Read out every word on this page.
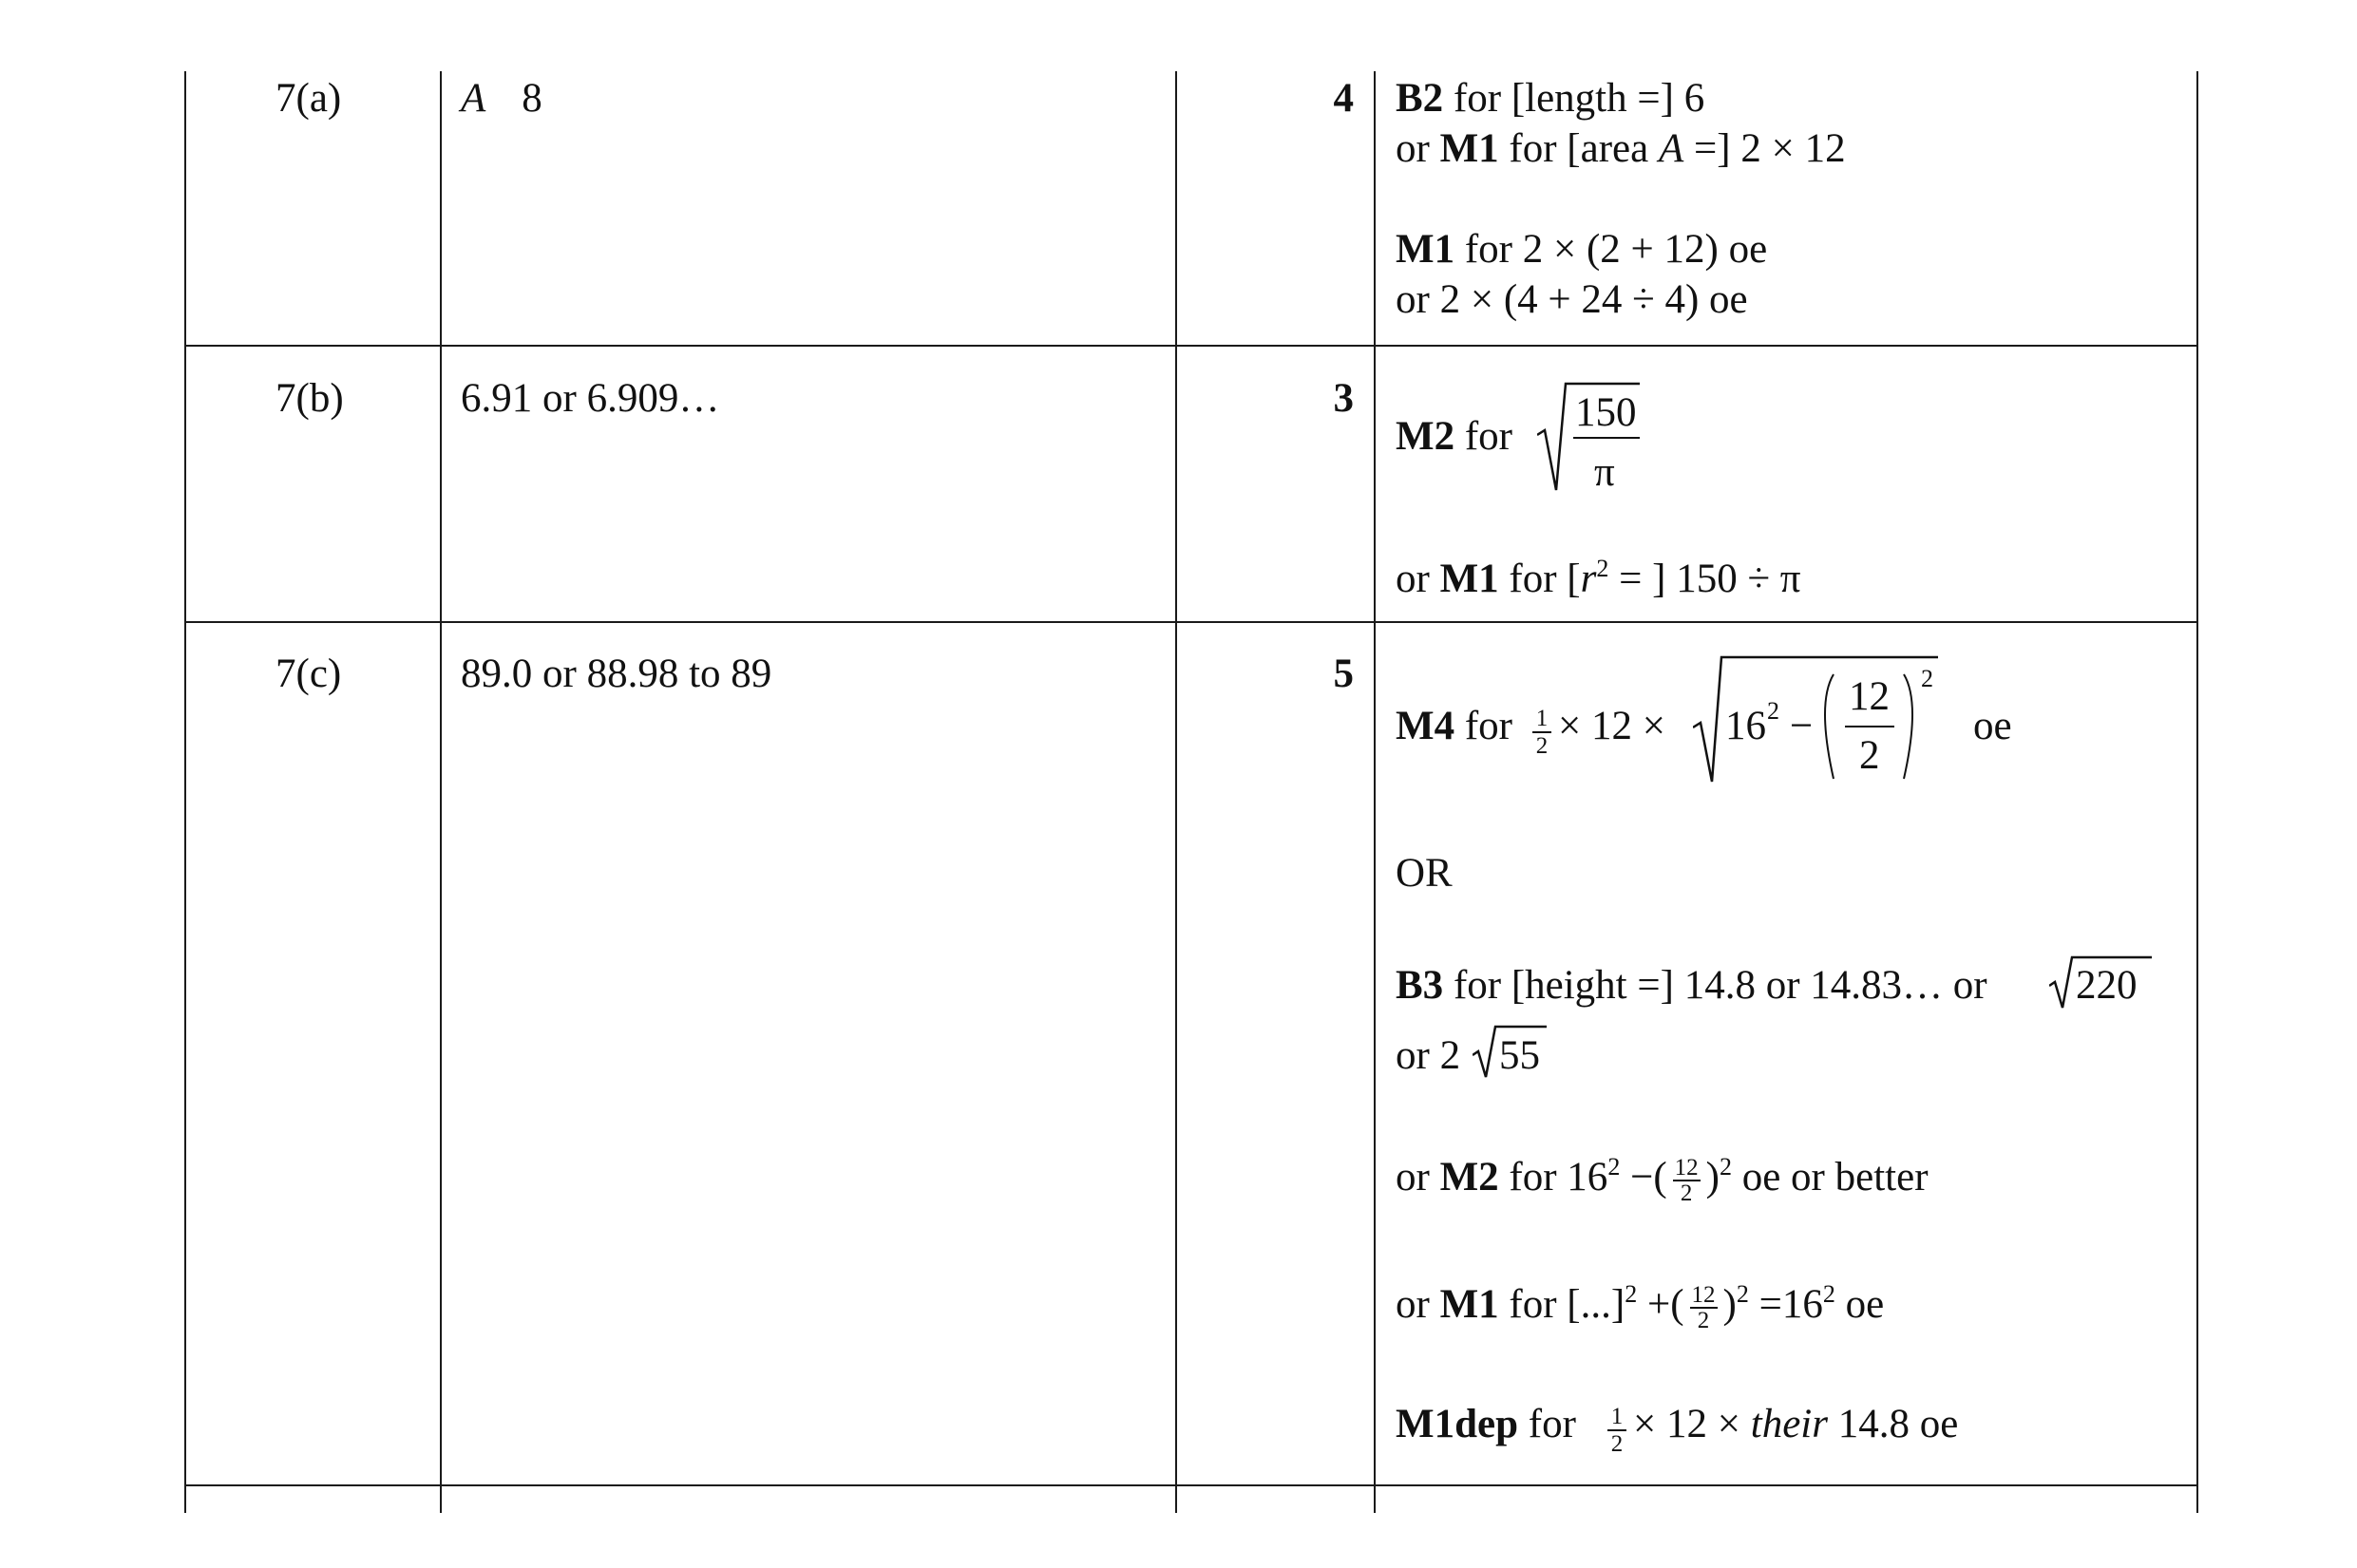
7(a)	A 8	4 B2 for [length =] 6
or M1 for [area A =] 2 × 12
M1 for 2 × (2 + 12) oe
or 2 × (4 + 24 ÷ 4) oe
7(b)	6.91 or 6.909…	3
M2 for
150
π
or M1 for [$r^2$ = ] 150 ÷ π
7(c)	89.0 or 88.98 to 89	5
M4 for 1
2 × 12 × 16 2 −
12
2
2
oe
OR
B3 for [height =] 14.8 or 14.83… or 220
or 2 55
or M2 for $16^2$ −( $\frac{12}{2} )^2$ oe or better
or M1 for [...]$^2$ +( $\frac{12}{2} )^2 =16^2$ oe
M1dep for 1
2 × 12 × their 14.8 oe
